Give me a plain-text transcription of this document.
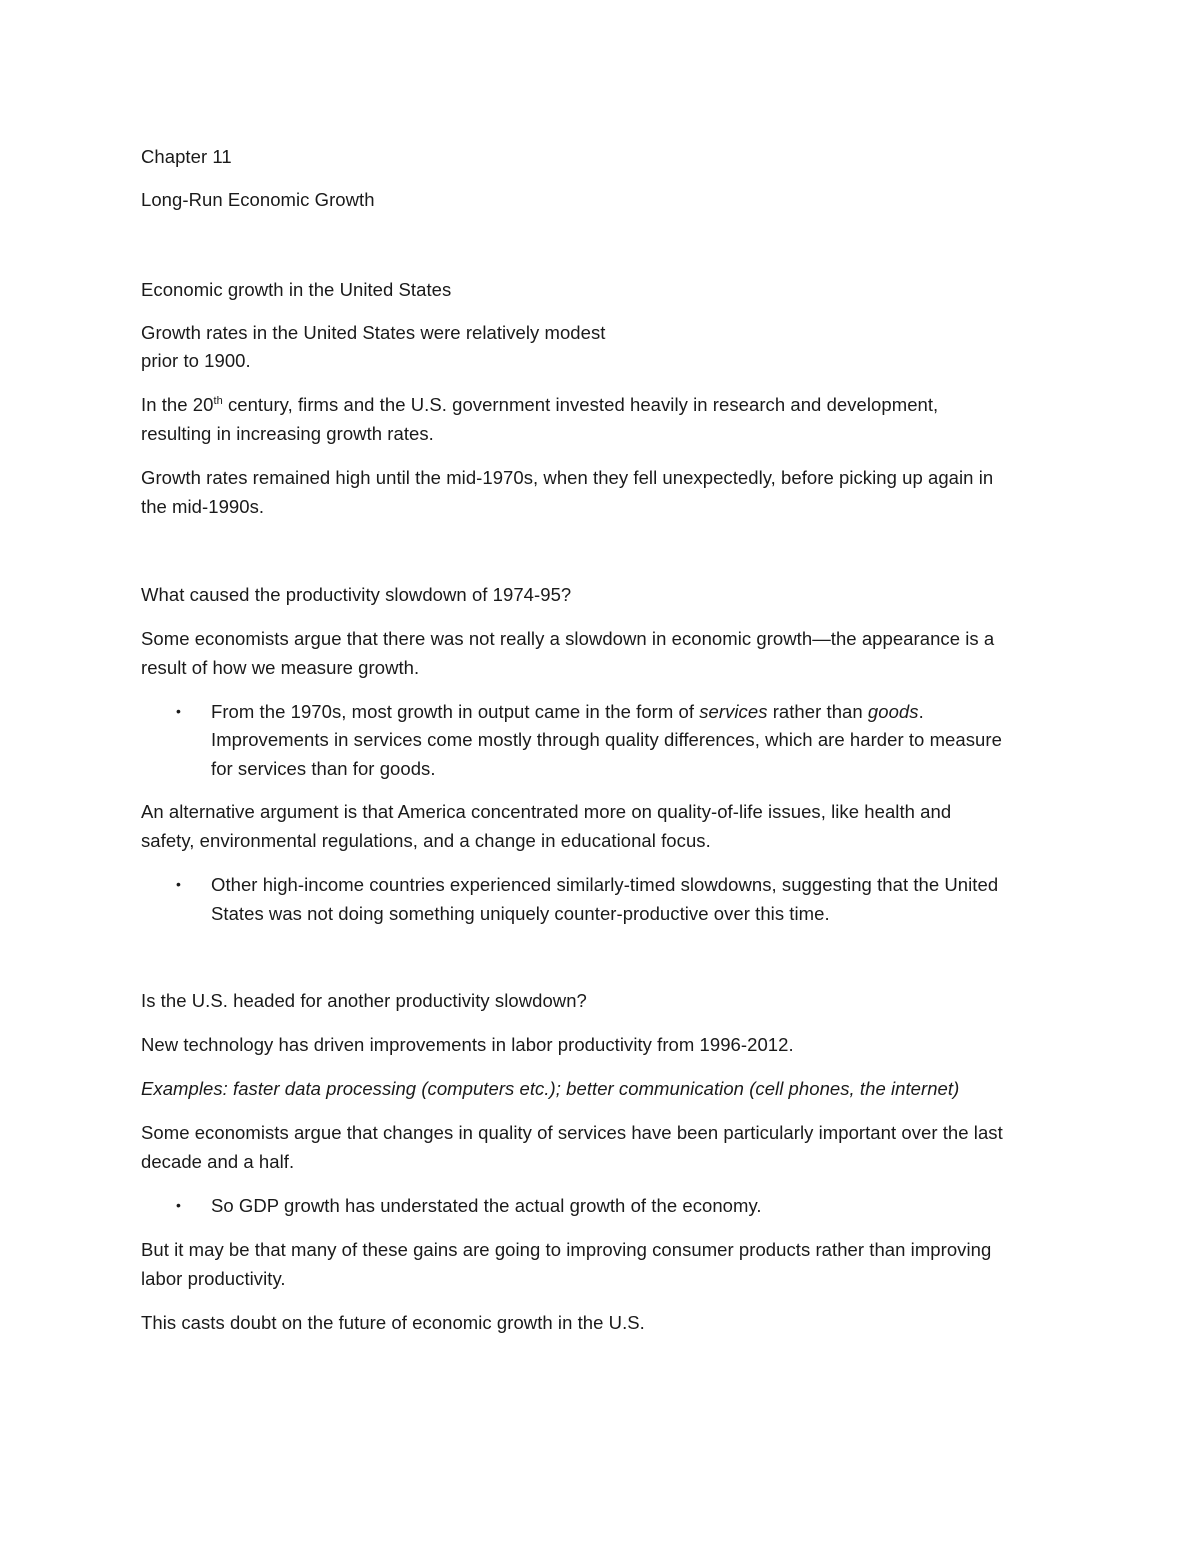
Chapter 11

Long-Run Economic Growth

Economic growth in the United States

Growth rates in the United States were relatively modest

prior to 1900.

In the 20th century, firms and the U.S. government invested heavily in research and development,

resulting in increasing growth rates.

Growth rates remained high until the mid-1970s, when they fell unexpectedly, before picking up again in

the mid-1990s.

What caused the productivity slowdown of 1974-95?

Some economists argue that there was not really a slowdown in economic growth—the appearance is a

result of how we measure growth.

• From the 1970s, most growth in output came in the form of services rather than goods.

Improvements in services come mostly through quality differences, which are harder to measure

for services than for goods.

An alternative argument is that America concentrated more on quality-of-life issues, like health and

safety, environmental regulations, and a change in educational focus.

• Other high-income countries experienced similarly-timed slowdowns, suggesting that the United

States was not doing something uniquely counter-productive over this time.

Is the U.S. headed for another productivity slowdown?

New technology has driven improvements in labor productivity from 1996-2012.

Examples: faster data processing (computers etc.); better communication (cell phones, the internet)

Some economists argue that changes in quality of services have been particularly important over the last

decade and a half.

• So GDP growth has understated the actual growth of the economy.

But it may be that many of these gains are going to improving consumer products rather than improving

labor productivity.

This casts doubt on the future of economic growth in the U.S.
